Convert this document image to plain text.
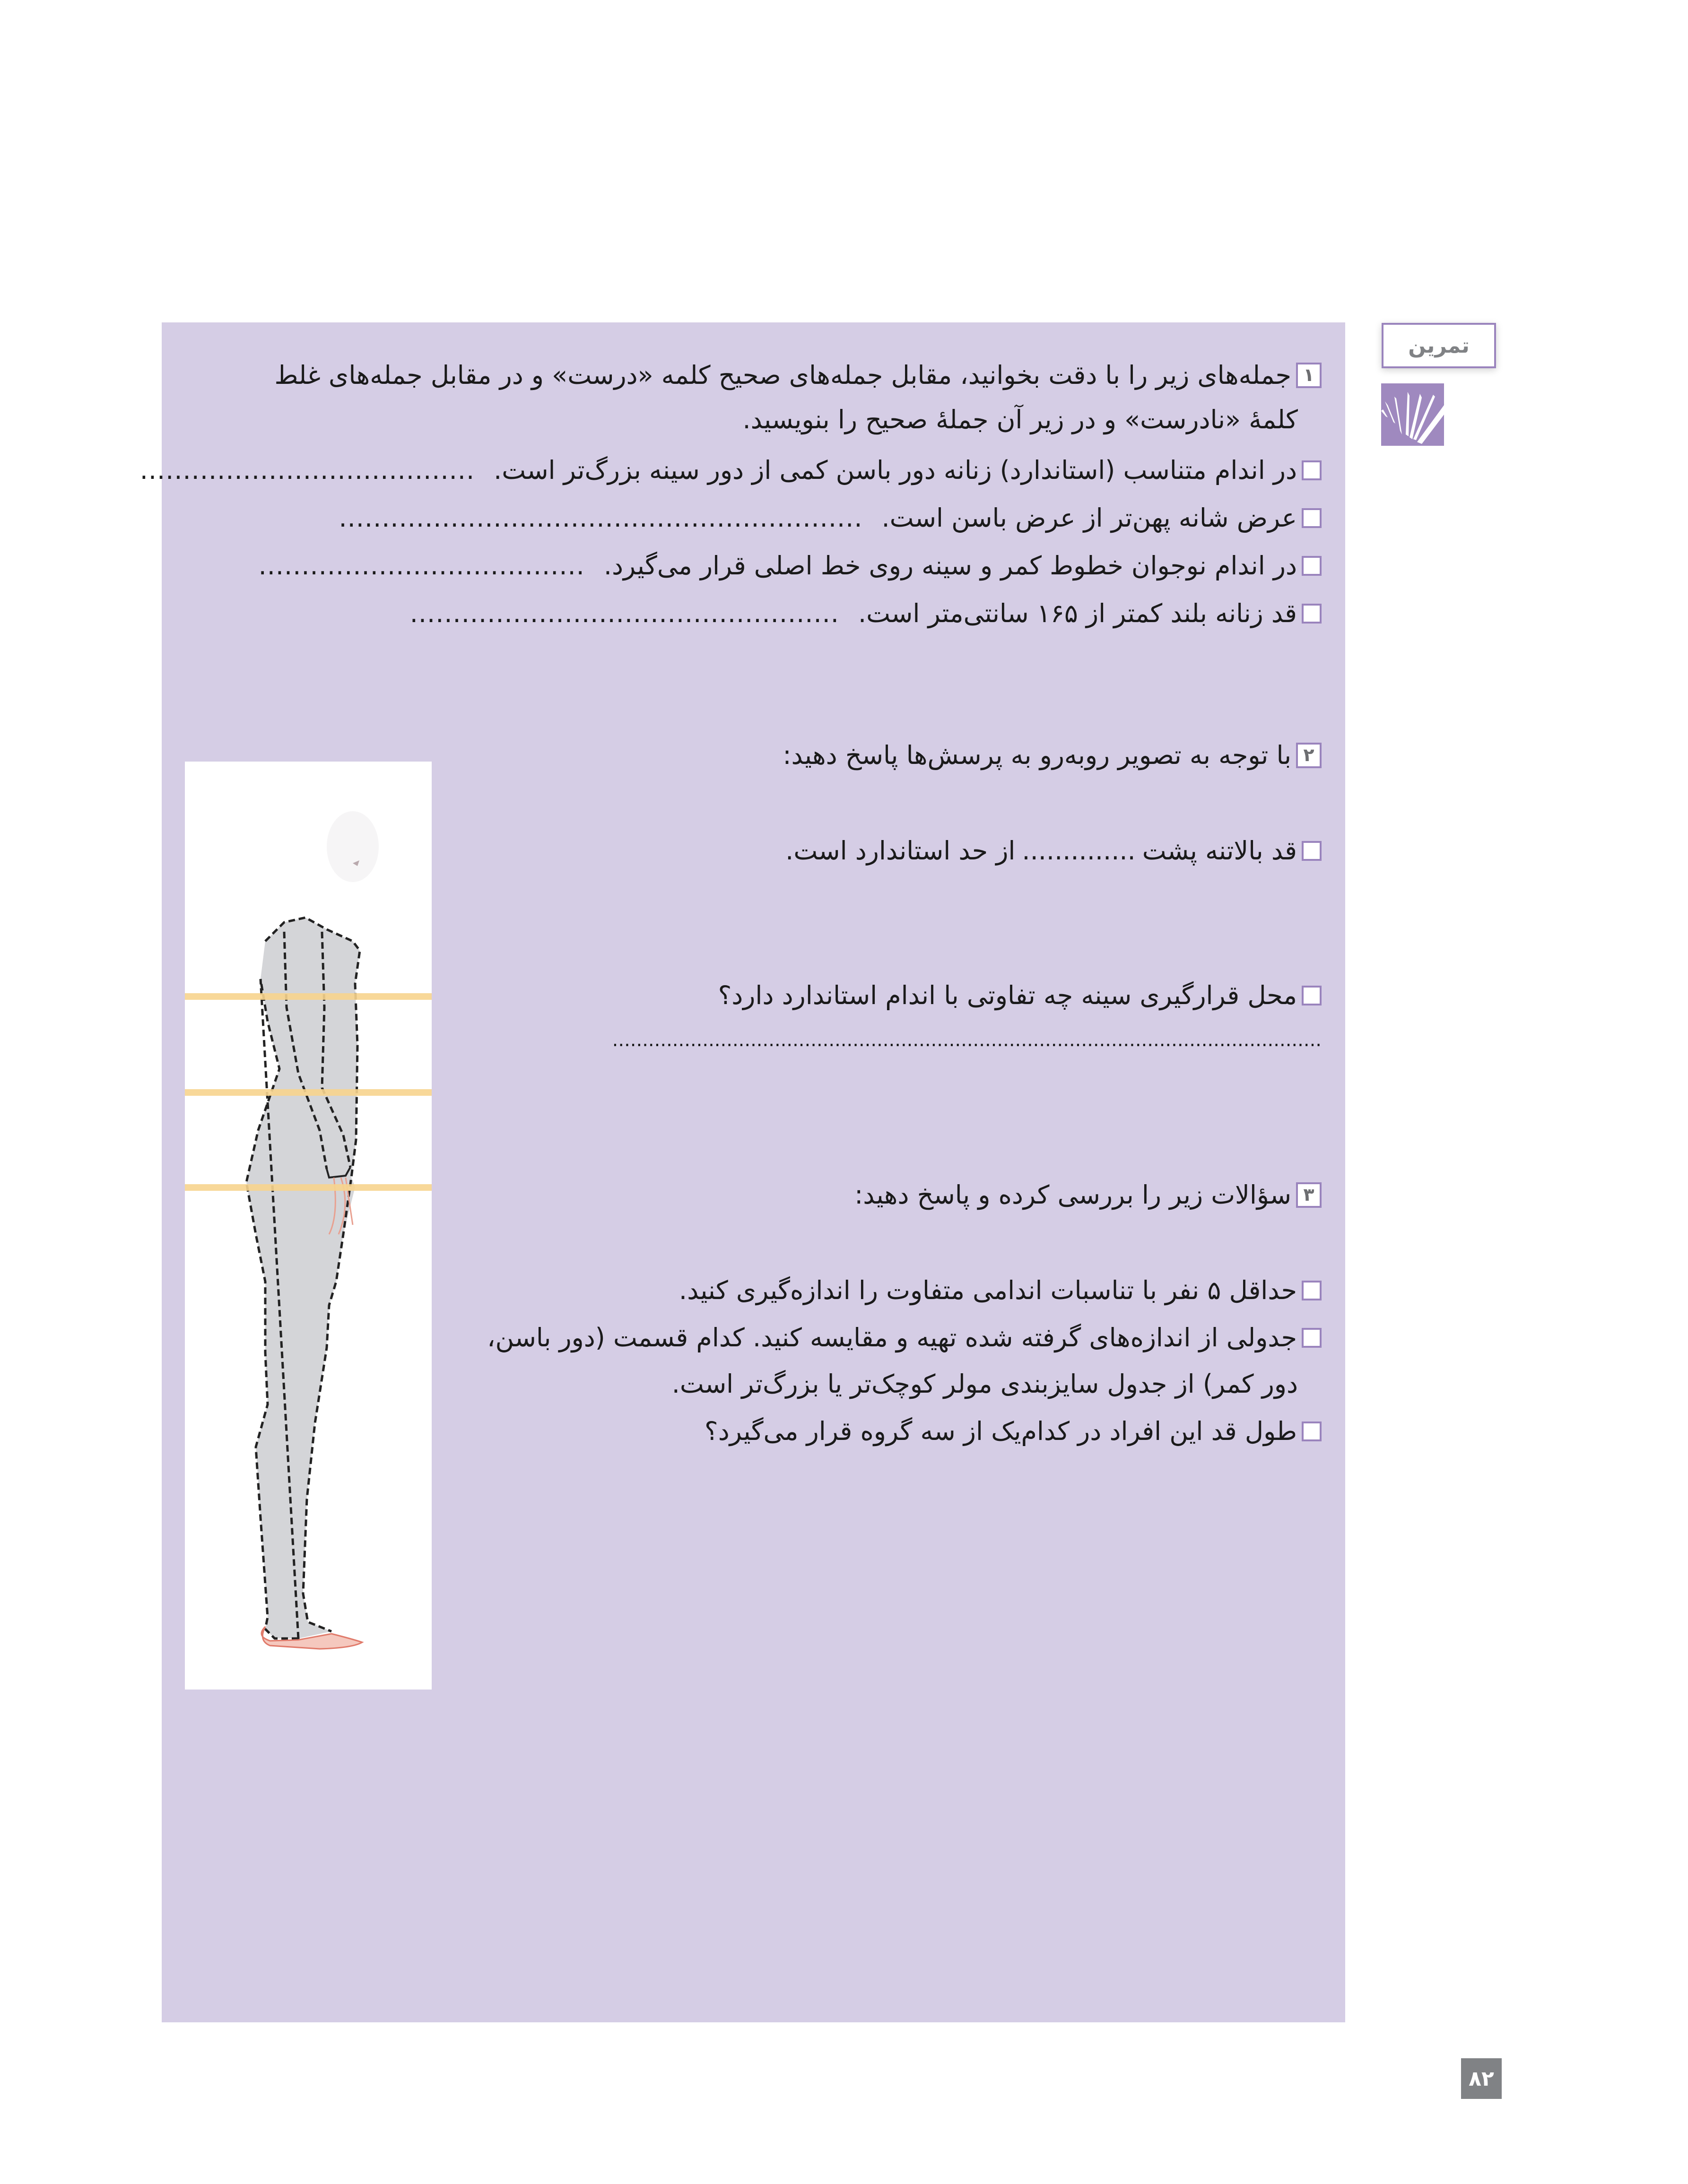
تمرین
۱
جمله‌های زیر را با دقت بخوانید، مقابل جمله‌های صحیح کلمه «درست» و در مقابل جمله‌های غلط
کلمهٔ «نادرست» و در زیر آن جملهٔ صحیح را بنویسید.
در اندام متناسب (استاندارد) زنانه دور باسن کمی از دور سینه بزرگ‌تر است.
.......................................
عرض شانه پهن‌تر از عرض باسن است.
.............................................................
در اندام نوجوان خطوط کمر و سینه روی خط اصلی قرار می‌گیرد.
......................................
قد زنانه بلند کمتر از ۱۶۵ سانتی‌متر است.
..................................................
۲
با توجه به تصویر روبه‌رو به پرسش‌ها پاسخ دهید:
قد بالاتنه پشت
..............
از حد استاندارد است.
محل قرارگیری سینه چه تفاوتی با اندام استاندارد دارد؟
......................................................................................................................
۳
سؤالات زیر را بررسی کرده و پاسخ دهید:
حداقل ۵ نفر با تناسبات اندامی متفاوت را اندازه‌گیری کنید.
جدولی از اندازه‌های گرفته شده تهیه و مقایسه کنید. کدام قسمت (دور باسن،
دور کمر) از جدول سایزبندی مولر کوچک‌تر یا بزرگ‌تر است.
طول قد این افراد در کدام‌یک از سه گروه قرار می‌گیرد؟
۸۲
